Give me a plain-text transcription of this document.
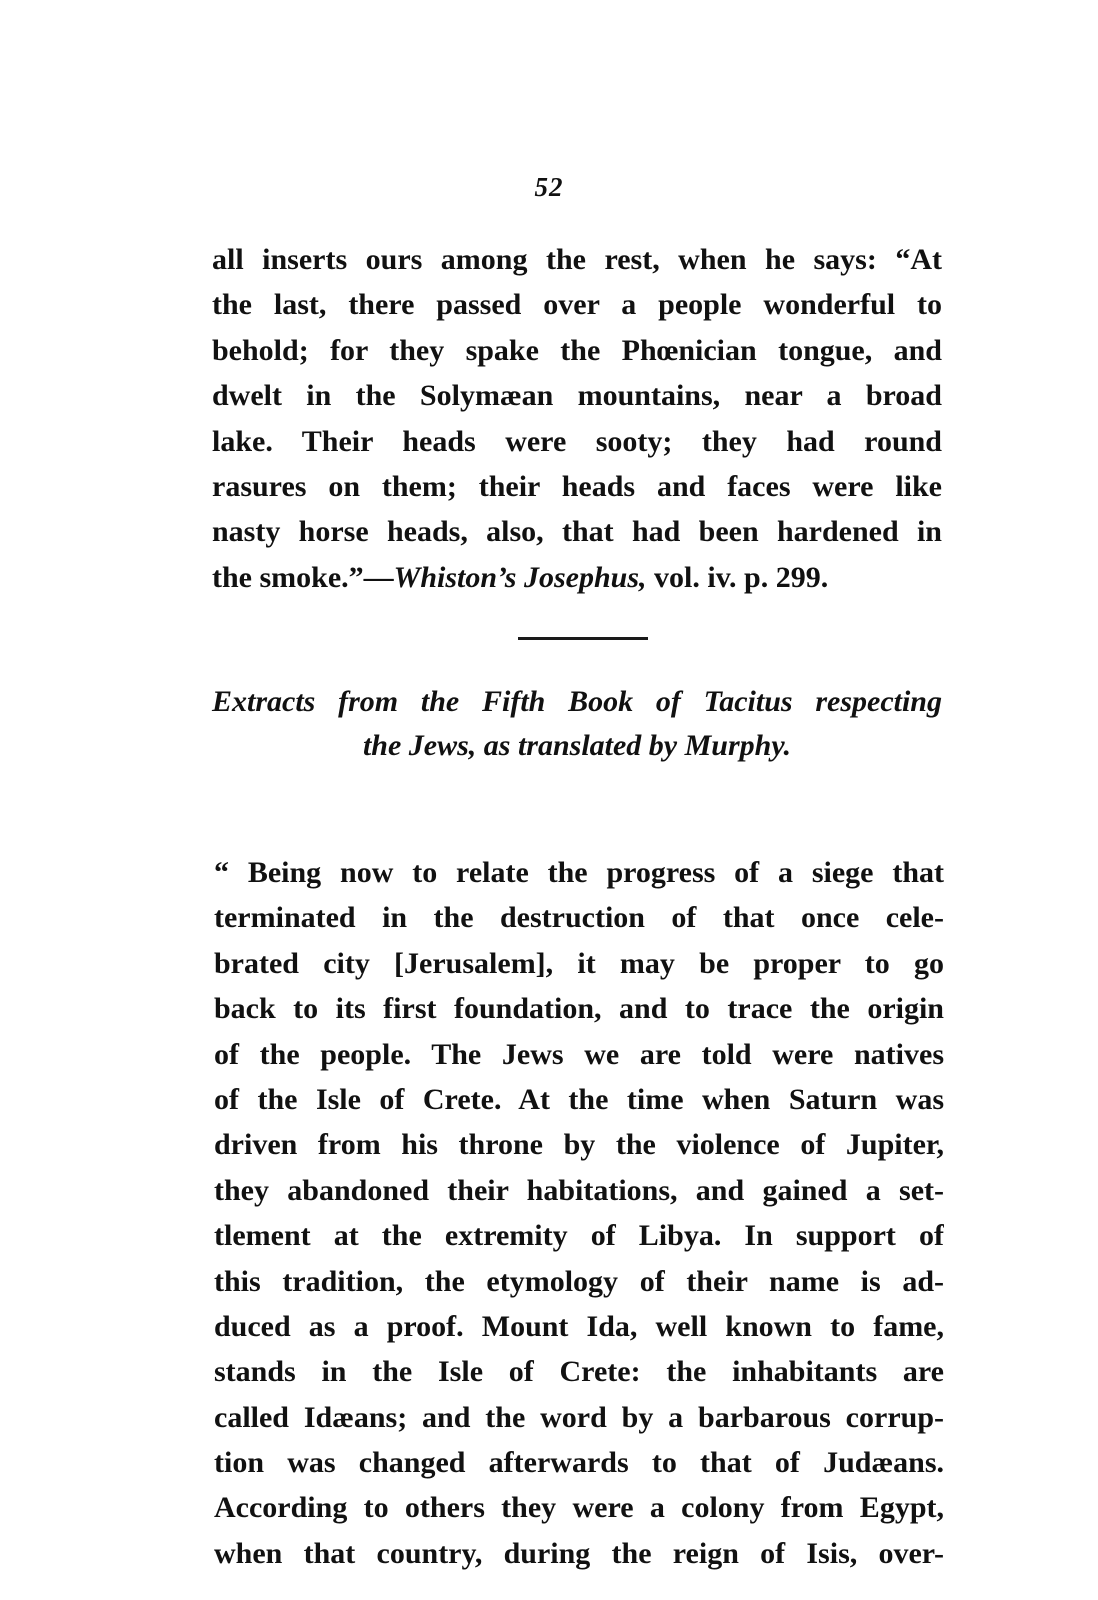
52
all inserts ours among the rest, when he says: “At
the last, there passed over a people wonderful to
behold; for they spake the Phœnician tongue, and
dwelt in the Solymæan mountains, near a broad
lake. Their heads were sooty; they had round
rasures on them; their heads and faces were like
nasty horse heads, also, that had been hardened in
the smoke.”—Whiston’s Josephus, vol. iv. p. 299.
Extracts from the Fifth Book of Tacitus respecting
the Jews, as translated by Murphy.
“ Being now to relate the progress of a siege that
terminated in the destruction of that once cele-
brated city [Jerusalem], it may be proper to go
back to its first foundation, and to trace the origin
of the people. The Jews we are told were natives
of the Isle of Crete. At the time when Saturn was
driven from his throne by the violence of Jupiter,
they abandoned their habitations, and gained a set-
tlement at the extremity of Libya. In support of
this tradition, the etymology of their name is ad-
duced as a proof. Mount Ida, well known to fame,
stands in the Isle of Crete: the inhabitants are
called Idæans; and the word by a barbarous corrup-
tion was changed afterwards to that of Judæans.
According to others they were a colony from Egypt,
when that country, during the reign of Isis, over-
